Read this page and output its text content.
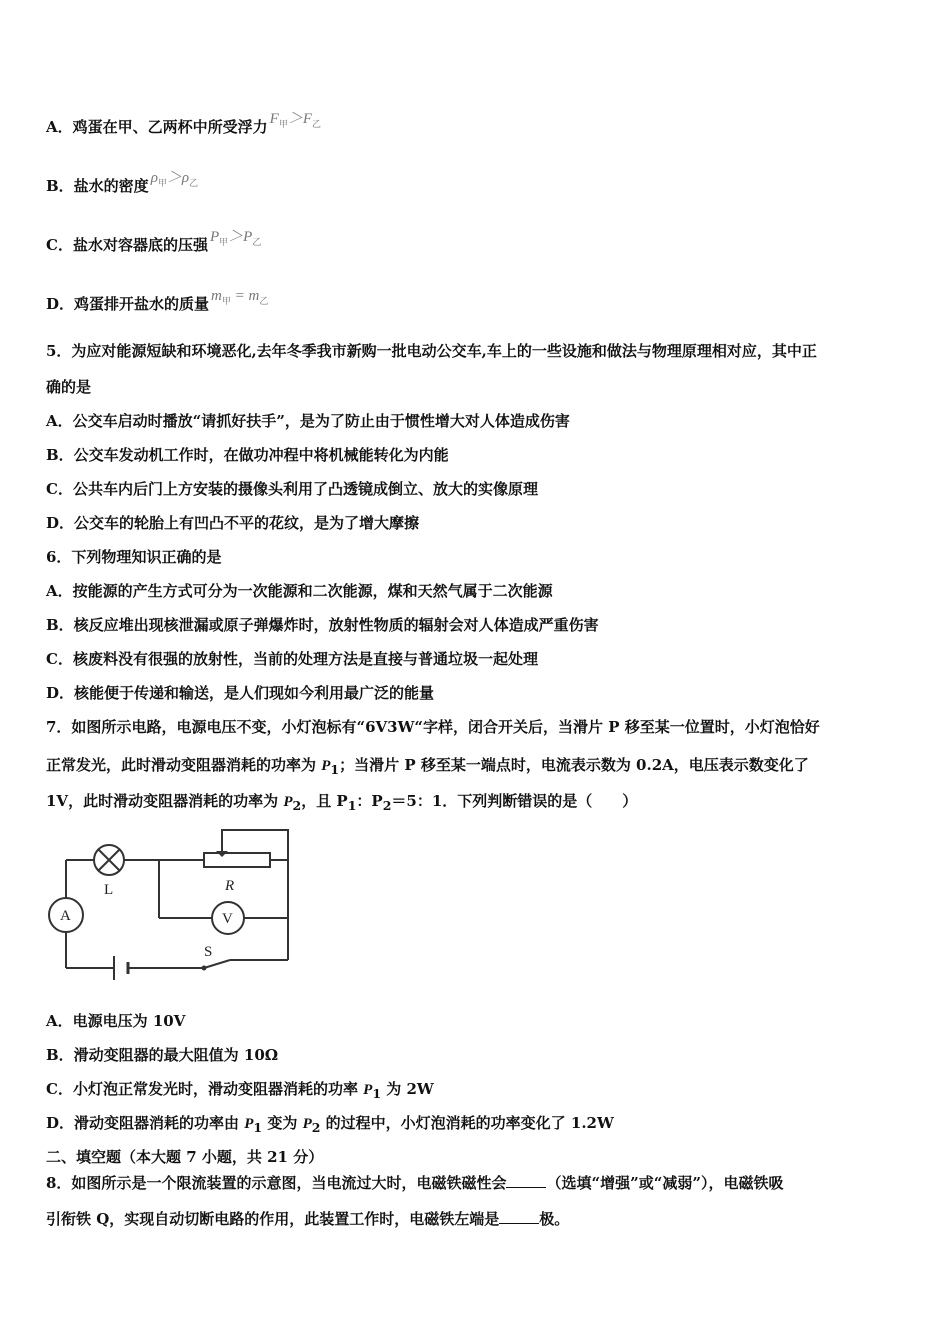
A．鸡蛋在甲、乙两杯中所受浮力 $F_甲>F_乙$
B．盐水的密度 $\rho_甲>\rho_乙$
C．盐水对容器底的压强 $P_甲>P_乙$
D．鸡蛋排开盐水的质量 $m_甲 = m_乙$
5．为应对能源短缺和环境恶化,去年冬季我市新购一批电动公交车,车上的一些设施和做法与物理原理相对应，其中正
确的是
A．公交车启动时播放“请抓好扶手”，是为了防止由于惯性增大对人体造成伤害
B．公交车发动机工作时，在做功冲程中将机械能转化为内能
C．公共车内后门上方安装的摄像头利用了凸透镜成倒立、放大的实像原理
D．公交车的轮胎上有凹凸不平的花纹，是为了增大摩擦
6．下列物理知识正确的是
A．按能源的产生方式可分为一次能源和二次能源，煤和天然气属于二次能源
B．核反应堆出现核泄漏或原子弹爆炸时，放射性物质的辐射会对人体造成严重伤害
C．核废料没有很强的放射性，当前的处理方法是直接与普通垃圾一起处理
D．核能便于传递和输送，是人们现如今利用最广泛的能量
7．如图所示电路，电源电压不变，小灯泡标有“6V3W“字样，闭合开关后，当滑片 P 移至某一位置时，小灯泡恰好
正常发光，此时滑动变阻器消耗的功率为 $P_1$；当滑片 P 移至某一端点时，电流表示数为 0.2A，电压表示数变化了
1V，此时滑动变阻器消耗的功率为 $P_2$，且 $P_1$：$P_2=5$：1．下列判断错误的是（　　）
L	R
A	V
S
A．电源电压为 10V
B．滑动变阻器的最大阻值为 10Ω
C．小灯泡正常发光时，滑动变阻器消耗的功率 $P_1$ 为 2W
D．滑动变阻器消耗的功率由 $P_1$ 变为 $P_2$ 的过程中，小灯泡消耗的功率变化了 1.2W
二、填空题（本大题 7 小题，共 21 分）
8．如图所示是一个限流装置的示意图，当电流过大时，电磁铁磁性会	（选填“增强”或“减弱”），电磁铁吸
引衔铁 Q，实现自动切断电路的作用，此装置工作时，电磁铁左端是	极。
